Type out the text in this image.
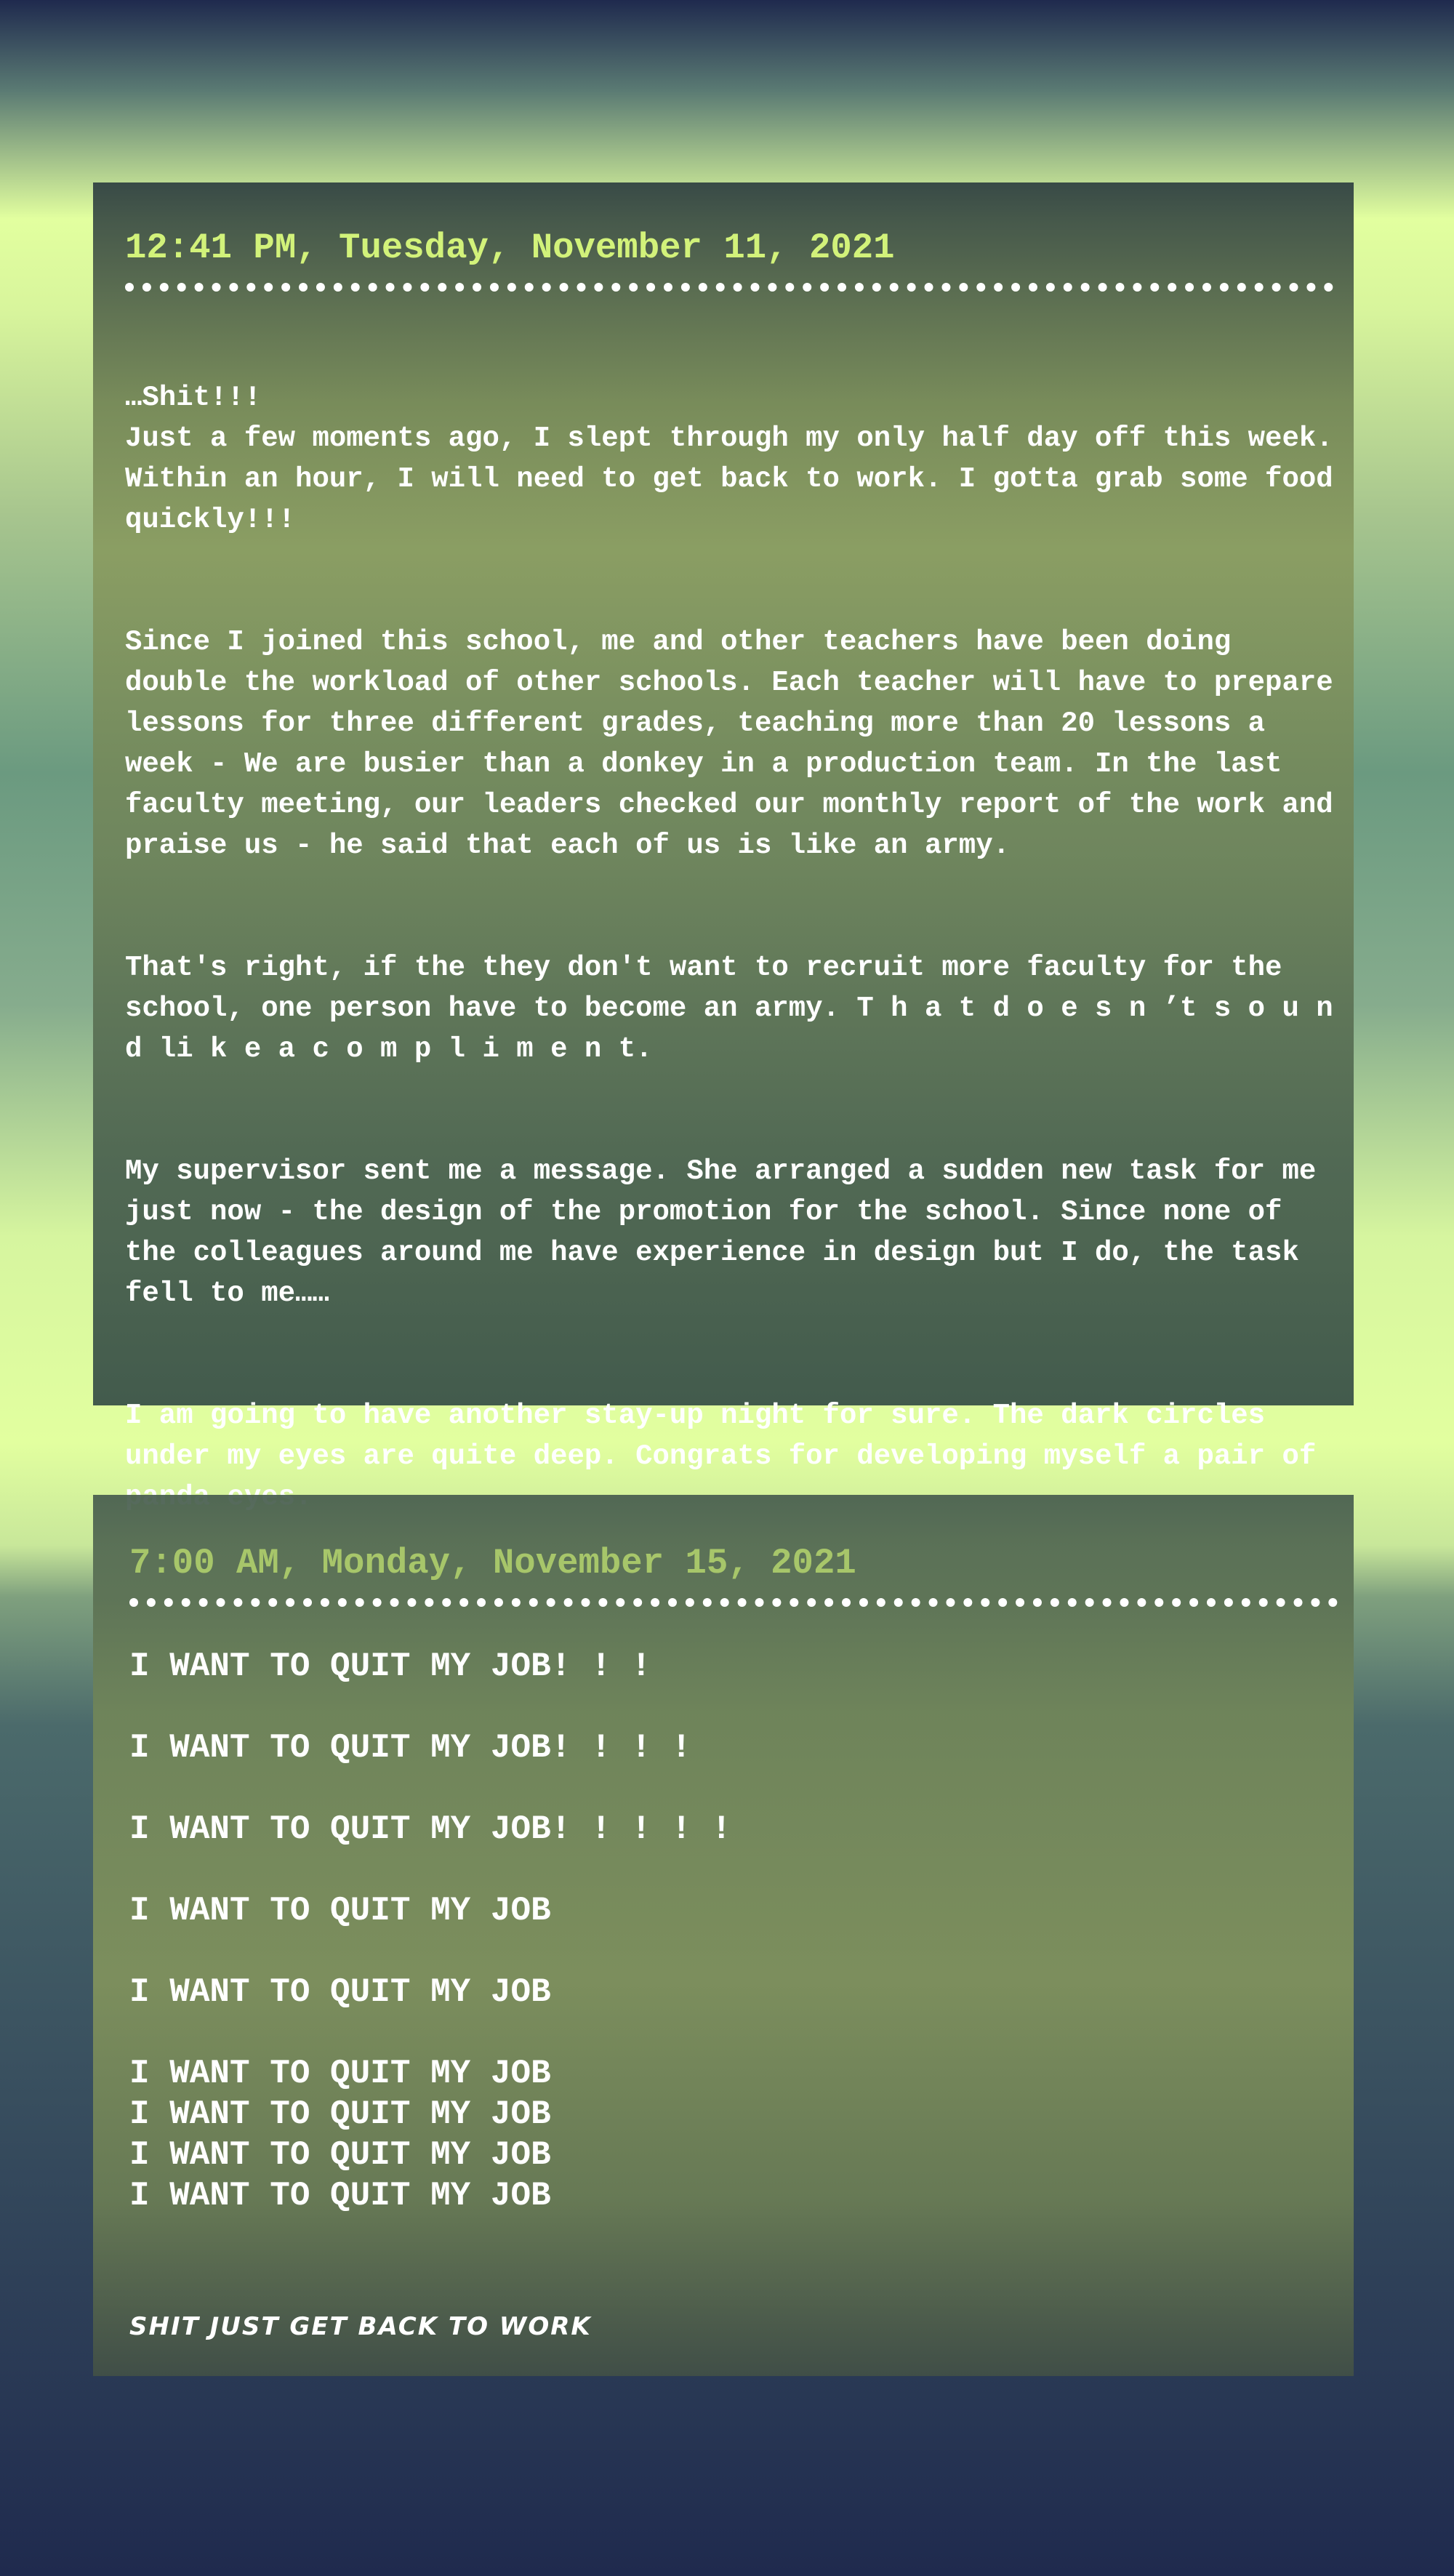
12:41 PM, Tuesday, November 11, 2021

…Shit!!!
Just a few moments ago, I slept through my only half day off this week. Within an hour, I will need to get back to work. I gotta grab some food quickly!!!

Since I joined this school, me and other teachers have been doing double the workload of other schools. Each teacher will have to prepare lessons for three different grades, teaching more than 20 lessons a week - We are busier than a donkey in a production team. In the last faculty meeting, our leaders checked our monthly report of the work and praise us - he said that each of us is like an army.

That's right, if the they don't want to recruit more faculty for the school, one person have to become an army. T h a t d o e s n ’t s o u n d li k e a c o m p l i m e n t.

My supervisor sent me a message. She arranged a sudden new task for me just now - the design of the promotion for the school. Since none of the colleagues around me have experience in design but I do, the task fell to me……

I am going to have another stay-up night for sure. The dark circles under my eyes are quite deep. Congrats for developing myself a pair of

7:00 AM, Monday, November 15, 2021

I WANT TO QUIT MY JOB! ! !

I WANT TO QUIT MY JOB! ! ! !

I WANT TO QUIT MY JOB! ! ! ! !

I WANT TO QUIT MY JOB

I WANT TO QUIT MY JOB

I WANT TO QUIT MY JOB

I WANT TO QUIT MY JOB

I WANT TO QUIT MY JOB

I WANT TO QUIT MY JOB

SHIT JUST GET BACK TO WORK
